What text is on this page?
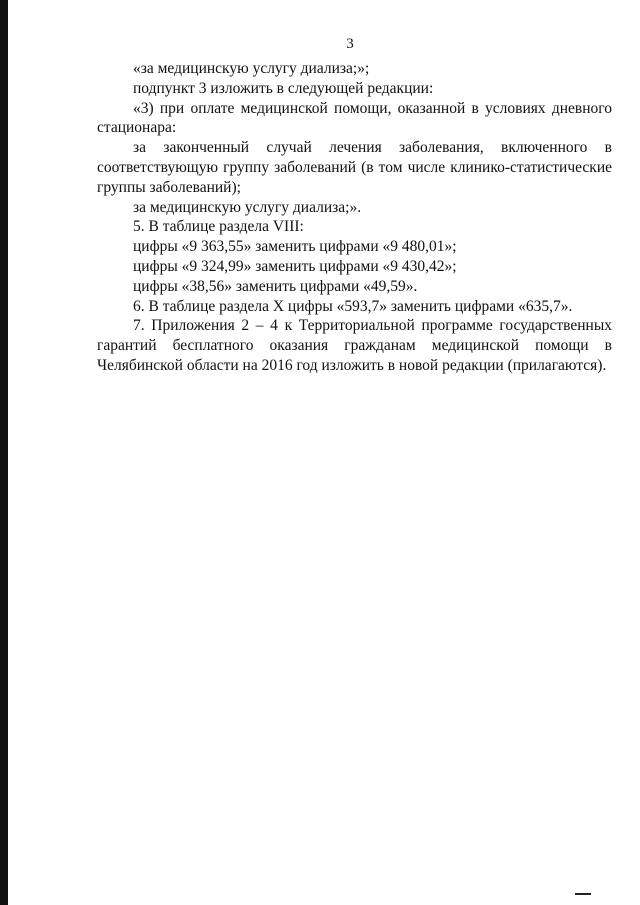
3

«за медицинскую услугу диализа;»;

подпункт 3 изложить в следующей редакции:

«3) при оплате медицинской помощи, оказанной в условиях дневного

стационара:

за законченный случай лечения заболевания, включенного в

соответствующую группу заболеваний (в том числе клинико-статистические

группы заболеваний);

за медицинскую услугу диализа;».

5. В таблице раздела VIII:

цифры «9 363,55» заменить цифрами «9 480,01»;

цифры «9 324,99» заменить цифрами «9 430,42»;

цифры «38,56» заменить цифрами «49,59».

6. В таблице раздела X цифры «593,7» заменить цифрами «635,7».

7. Приложения 2 – 4 к Территориальной программе государственных

гарантий бесплатного оказания гражданам медицинской помощи в

Челябинской области на 2016 год изложить в новой редакции (прилагаются).
